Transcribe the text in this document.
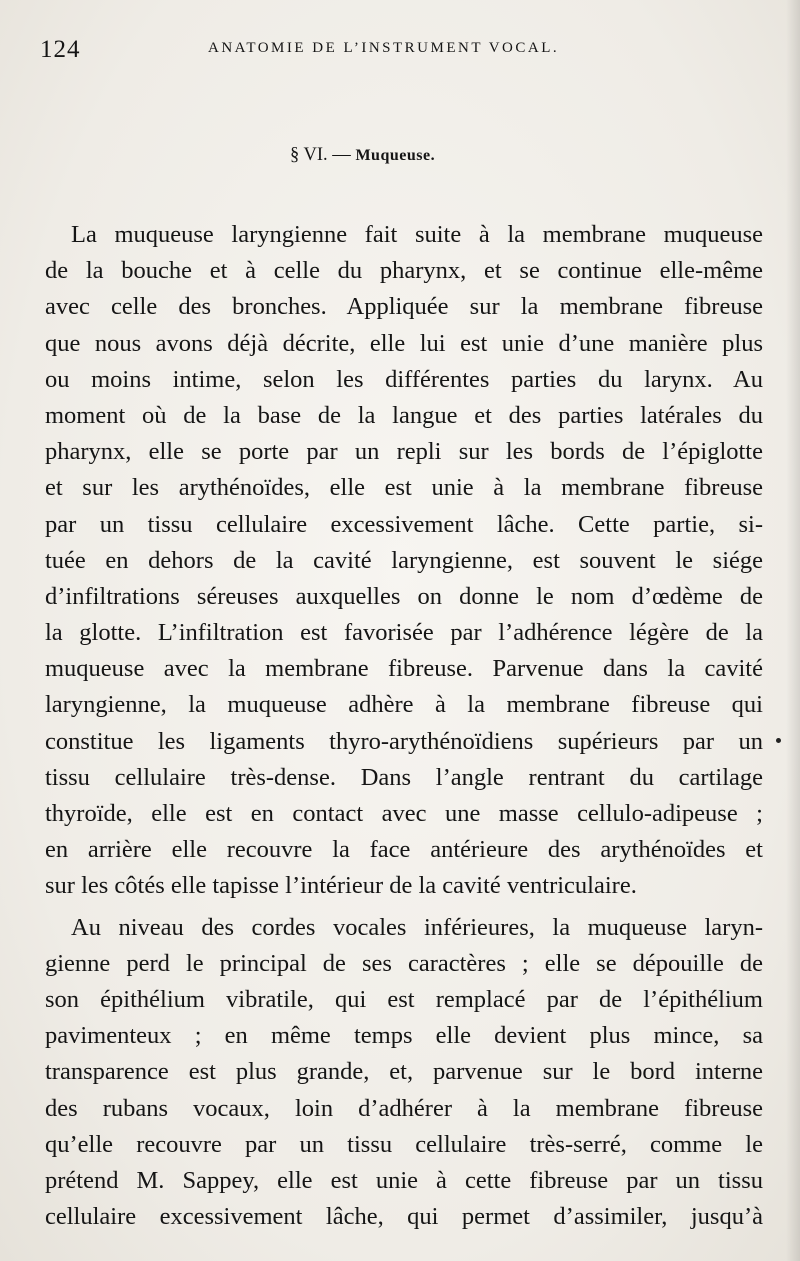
124	ANATOMIE DE L’INSTRUMENT VOCAL.
§ VI. — Muqueuse.
La muqueuse laryngienne fait suite à la membrane muqueuse
de la bouche et à celle du pharynx, et se continue elle-même
avec celle des bronches. Appliquée sur la membrane fibreuse
que nous avons déjà décrite, elle lui est unie d’une manière plus
ou moins intime, selon les différentes parties du larynx. Au
moment où de la base de la langue et des parties latérales du
pharynx, elle se porte par un repli sur les bords de l’épiglotte
et sur les arythénoïdes, elle est unie à la membrane fibreuse
par un tissu cellulaire excessivement lâche. Cette partie, si-
tuée en dehors de la cavité laryngienne, est souvent le siége
d’infiltrations séreuses auxquelles on donne le nom d’œdème de
la glotte. L’infiltration est favorisée par l’adhérence légère de la
muqueuse avec la membrane fibreuse. Parvenue dans la cavité
laryngienne, la muqueuse adhère à la membrane fibreuse qui
constitue les ligaments thyro-arythénoïdiens supérieurs par un
tissu cellulaire très-dense. Dans l’angle rentrant du cartilage
thyroïde, elle est en contact avec une masse cellulo-adipeuse ;
en arrière elle recouvre la face antérieure des arythénoïdes et
sur les côtés elle tapisse l’intérieur de la cavité ventriculaire.
Au niveau des cordes vocales inférieures, la muqueuse laryn-
gienne perd le principal de ses caractères ; elle se dépouille de
son épithélium vibratile, qui est remplacé par de l’épithélium
pavimenteux ; en même temps elle devient plus mince, sa
transparence est plus grande, et, parvenue sur le bord interne
des rubans vocaux, loin d’adhérer à la membrane fibreuse
qu’elle recouvre par un tissu cellulaire très-serré, comme le
prétend M. Sappey, elle est unie à cette fibreuse par un tissu
cellulaire excessivement lâche, qui permet d’assimiler, jusqu’à
